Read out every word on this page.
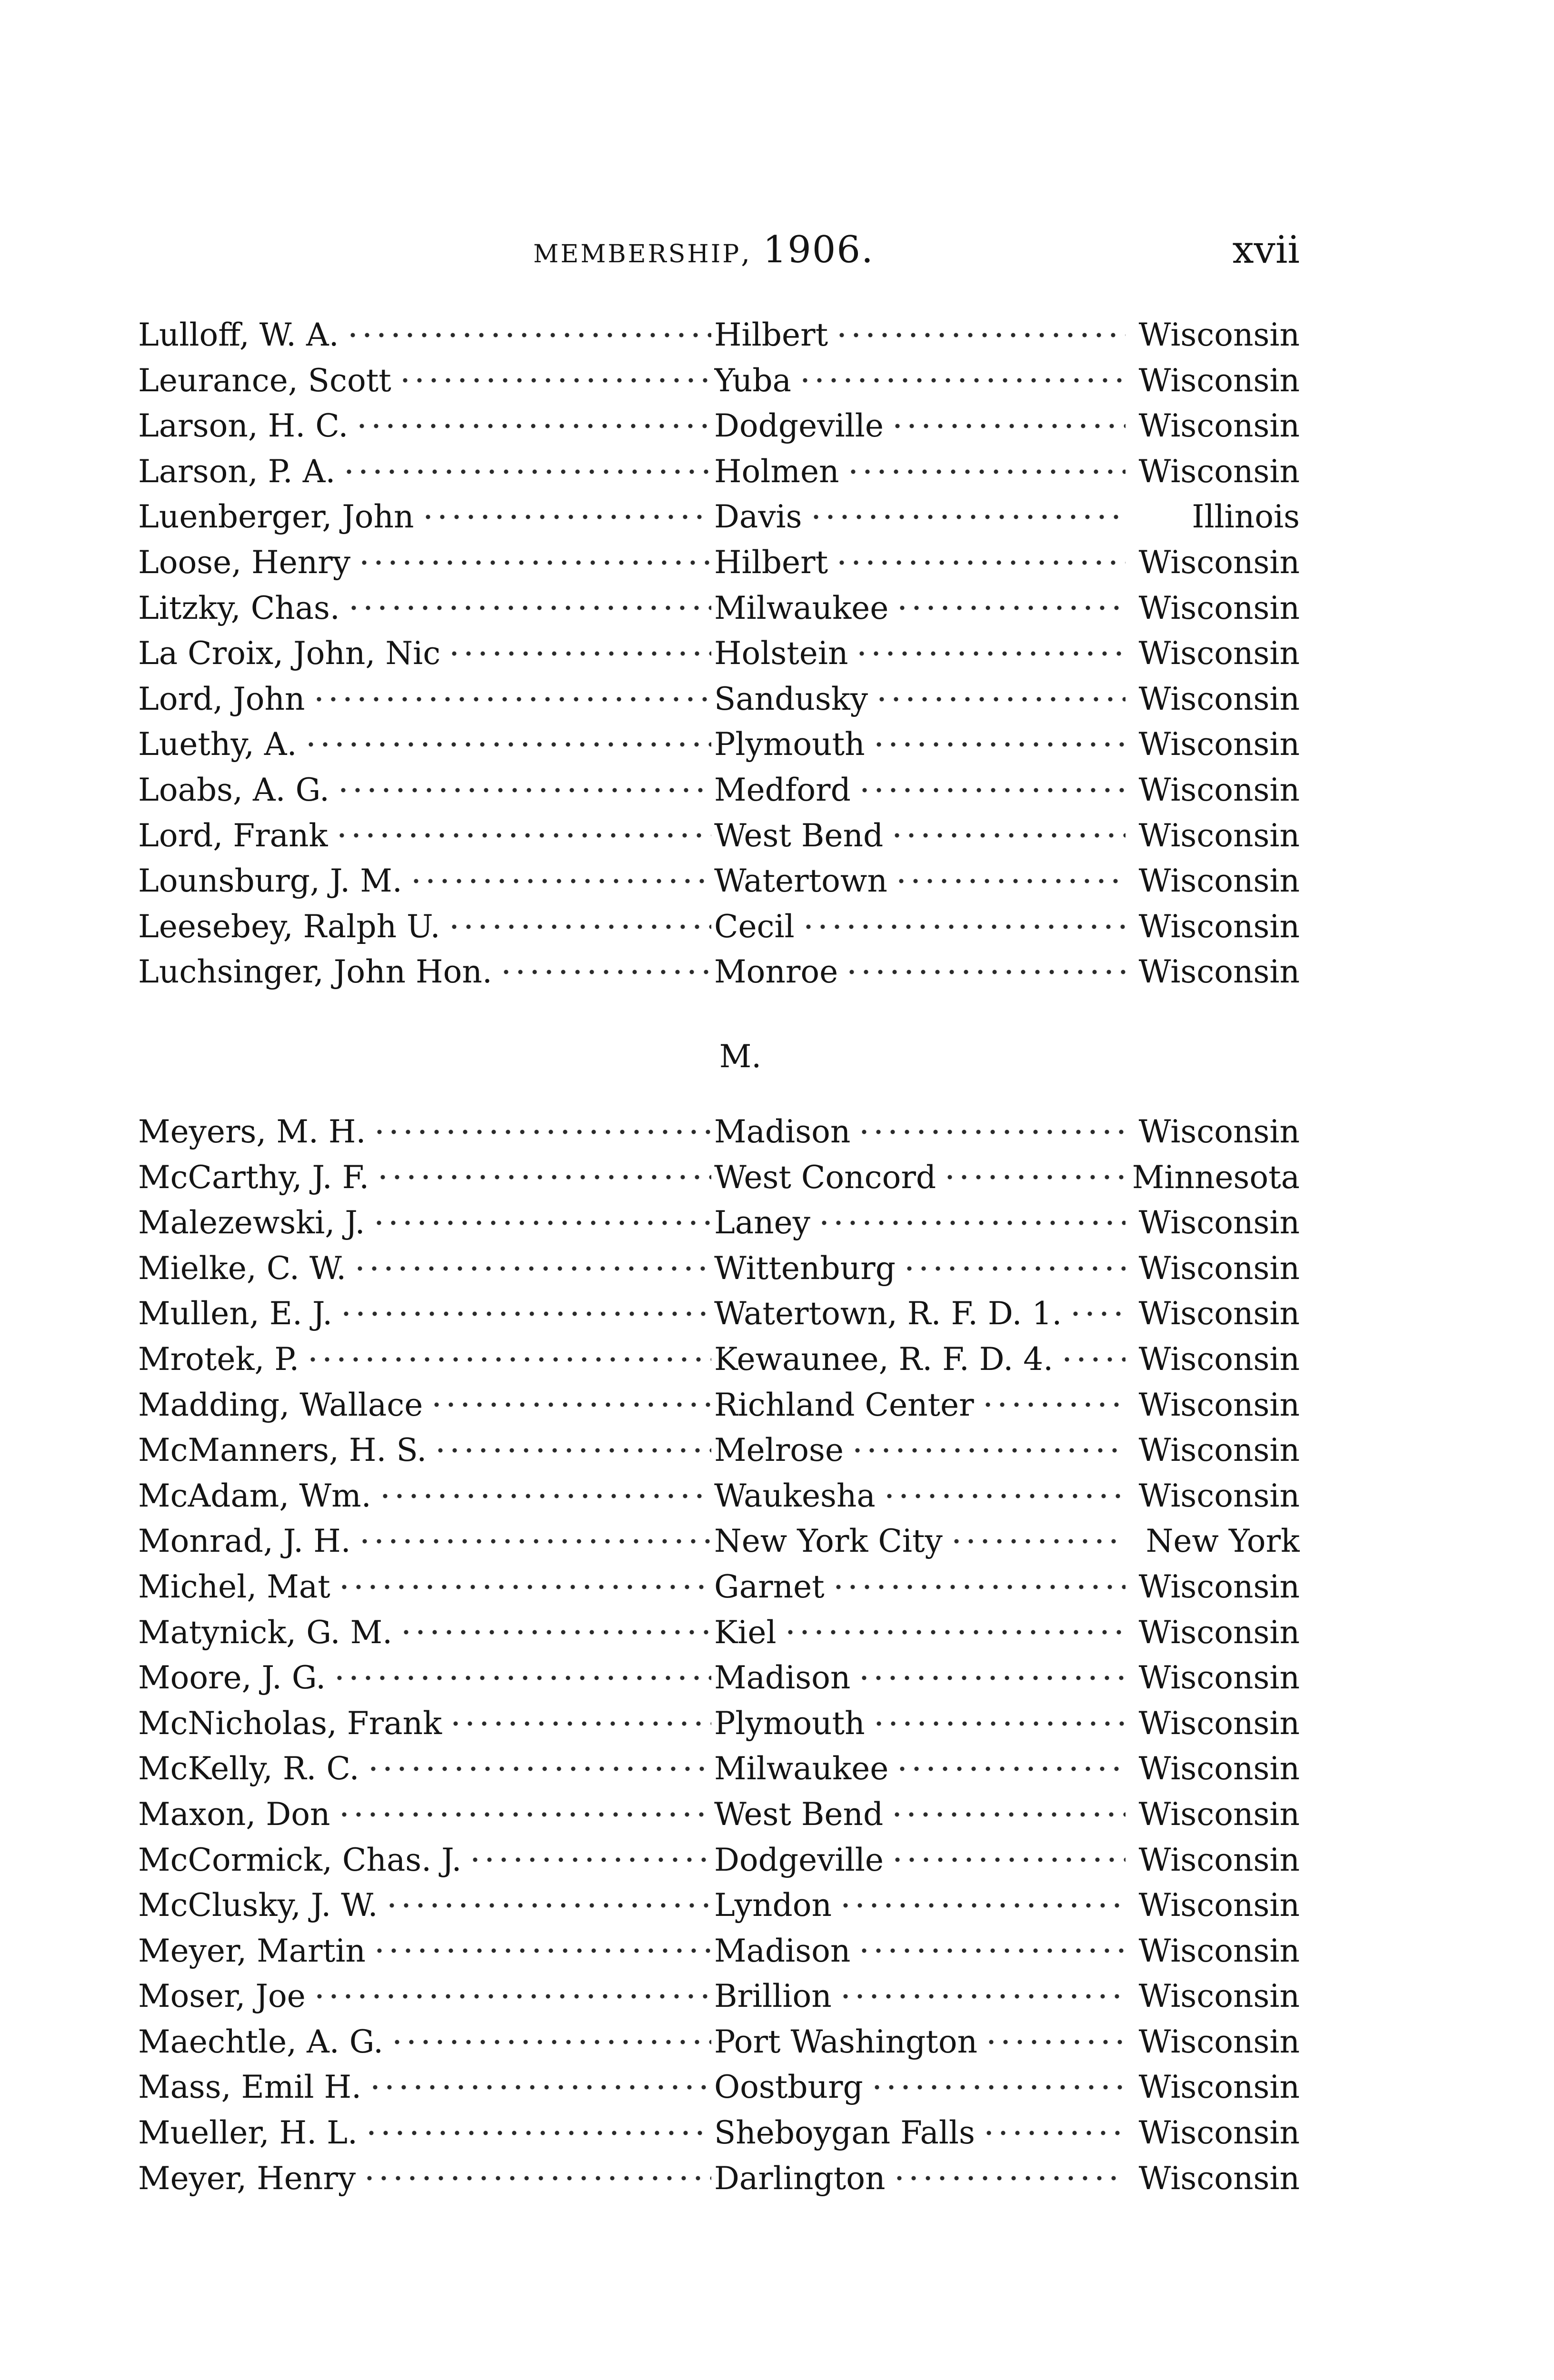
MEMBERSHIP, 1906.	xvii
Lulloff, W. A.	Hilbert	Wisconsin
Leurance, Scott	Yuba	Wisconsin
Larson, H. C.	Dodgeville	Wisconsin
Larson, P. A.	Holmen	Wisconsin
Luenberger, John	Davis	Illinois
Loose, Henry	Hilbert	Wisconsin
Litzky, Chas.	Milwaukee	Wisconsin
La Croix, John, Nic	Holstein	Wisconsin
Lord, John	Sandusky	Wisconsin
Luethy, A.	Plymouth	Wisconsin
Loabs, A. G.	Medford	Wisconsin
Lord, Frank	West Bend	Wisconsin
Lounsburg, J. M.	Watertown	Wisconsin
Leesebey, Ralph U.	Cecil	Wisconsin
Luchsinger, John Hon.	Monroe	Wisconsin
M.
Meyers, M. H.	Madison	Wisconsin
McCarthy, J. F.	West Concord	Minnesota
Malezewski, J.	Laney	Wisconsin
Mielke, C. W.	Wittenburg	Wisconsin
Mullen, E. J.	Watertown, R. F. D. 1.	Wisconsin
Mrotek, P.	Kewaunee, R. F. D. 4.	Wisconsin
Madding, Wallace	Richland Center	Wisconsin
McManners, H. S.	Melrose	Wisconsin
McAdam, Wm.	Waukesha	Wisconsin
Monrad, J. H.	New York City	New York
Michel, Mat	Garnet	Wisconsin
Matynick, G. M.	Kiel	Wisconsin
Moore, J. G.	Madison	Wisconsin
McNicholas, Frank	Plymouth	Wisconsin
McKelly, R. C.	Milwaukee	Wisconsin
Maxon, Don	West Bend	Wisconsin
McCormick, Chas. J.	Dodgeville	Wisconsin
McClusky, J. W.	Lyndon	Wisconsin
Meyer, Martin	Madison	Wisconsin
Moser, Joe	Brillion	Wisconsin
Maechtle, A. G.	Port Washington	Wisconsin
Mass, Emil H.	Oostburg	Wisconsin
Mueller, H. L.	Sheboygan Falls	Wisconsin
Meyer, Henry	Darlington	Wisconsin
